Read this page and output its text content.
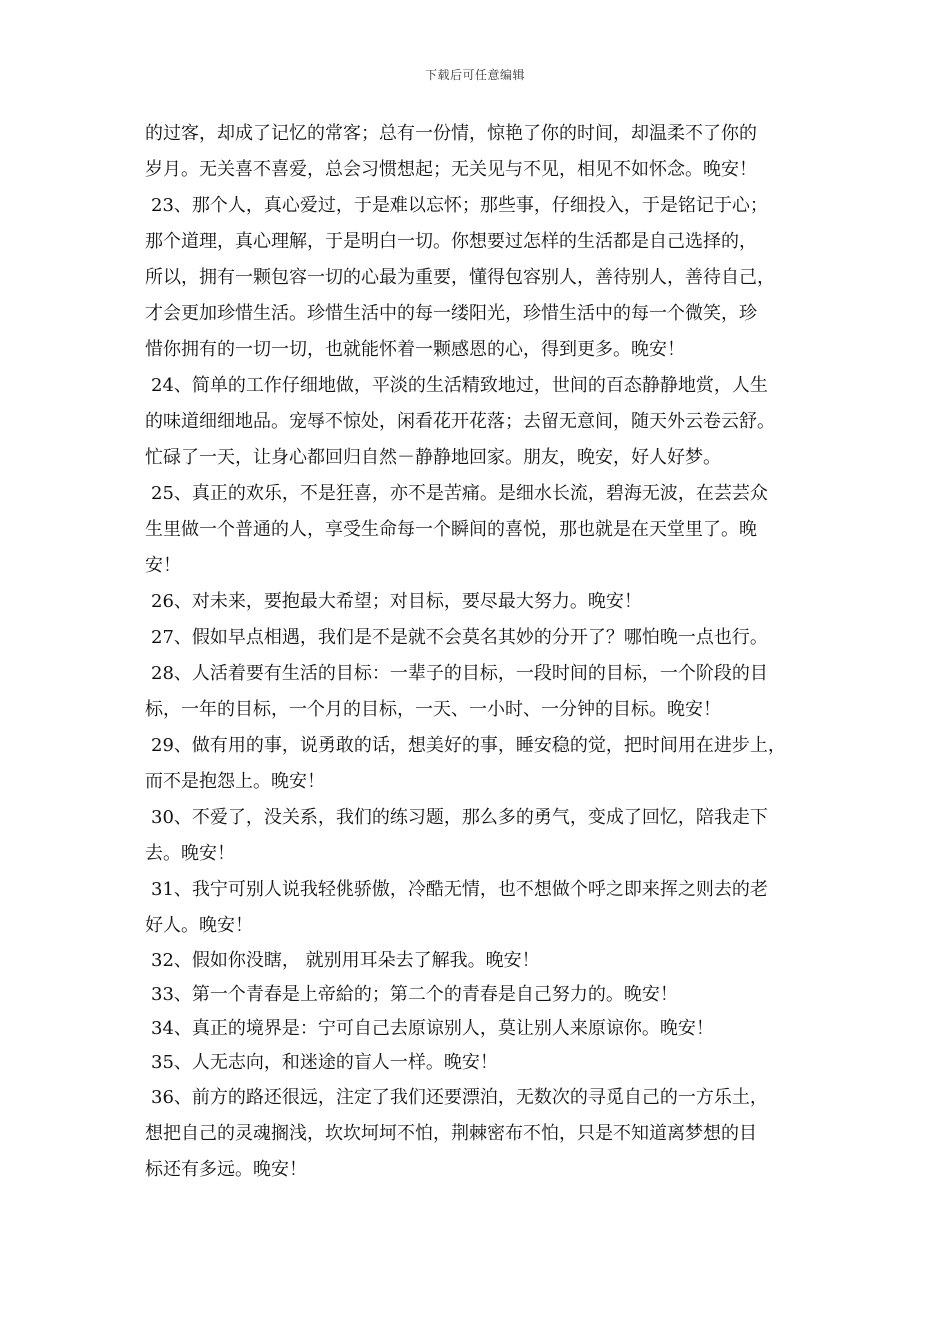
下载后可任意编辑
的过客，却成了记忆的常客；总有一份情，惊艳了你的时间，却温柔不了你的
岁月。无关喜不喜爱，总会习惯想起；无关见与不见，相见不如怀念。晚安！
23、那个人，真心爱过，于是难以忘怀；那些事，仔细投入，于是铭记于心；
那个道理，真心理解，于是明白一切。你想要过怎样的生活都是自己选择的，
所以，拥有一颗包容一切的心最为重要，懂得包容别人，善待别人，善待自己，
才会更加珍惜生活。珍惜生活中的每一缕阳光，珍惜生活中的每一个微笑，珍
惜你拥有的一切一切，也就能怀着一颗感恩的心，得到更多。晚安！
24、简单的工作仔细地做，平淡的生活精致地过，世间的百态静静地赏，人生
的味道细细地品。宠辱不惊处，闲看花开花落；去留无意间，随天外云卷云舒。
忙碌了一天，让身心都回归自然－静静地回家。朋友，晚安，好人好梦。
25、真正的欢乐，不是狂喜，亦不是苦痛。是细水长流，碧海无波，在芸芸众
生里做一个普通的人，享受生命每一个瞬间的喜悦，那也就是在天堂里了。晚
安！
26、对未来，要抱最大希望；对目标，要尽最大努力。晚安！
27、假如早点相遇，我们是不是就不会莫名其妙的分开了？哪怕晚一点也行。
28、人活着要有生活的目标：一辈子的目标，一段时间的目标，一个阶段的目
标，一年的目标，一个月的目标，一天、一小时、一分钟的目标。晚安！
29、做有用的事，说勇敢的话，想美好的事，睡安稳的觉，把时间用在进步上，
而不是抱怨上。晚安！
30、不爱了，没关系，我们的练习题，那么多的勇气，变成了回忆，陪我走下
去。晚安！
31、我宁可别人说我轻佻骄傲，冷酷无情，也不想做个呼之即来挥之则去的老
好人。晚安！
32、假如你没瞎， 就别用耳朵去了解我。晚安！
33、第一个青春是上帝給的；第二个的青春是自己努力的。晚安！
34、真正的境界是：宁可自己去原谅别人，莫让别人来原谅你。晚安！
35、人无志向，和迷途的盲人一样。晚安！
36、前方的路还很远，注定了我们还要漂泊，无数次的寻觅自己的一方乐土，
想把自己的灵魂搁浅，坎坎坷坷不怕，荆棘密布不怕，只是不知道离梦想的目
标还有多远。晚安！
